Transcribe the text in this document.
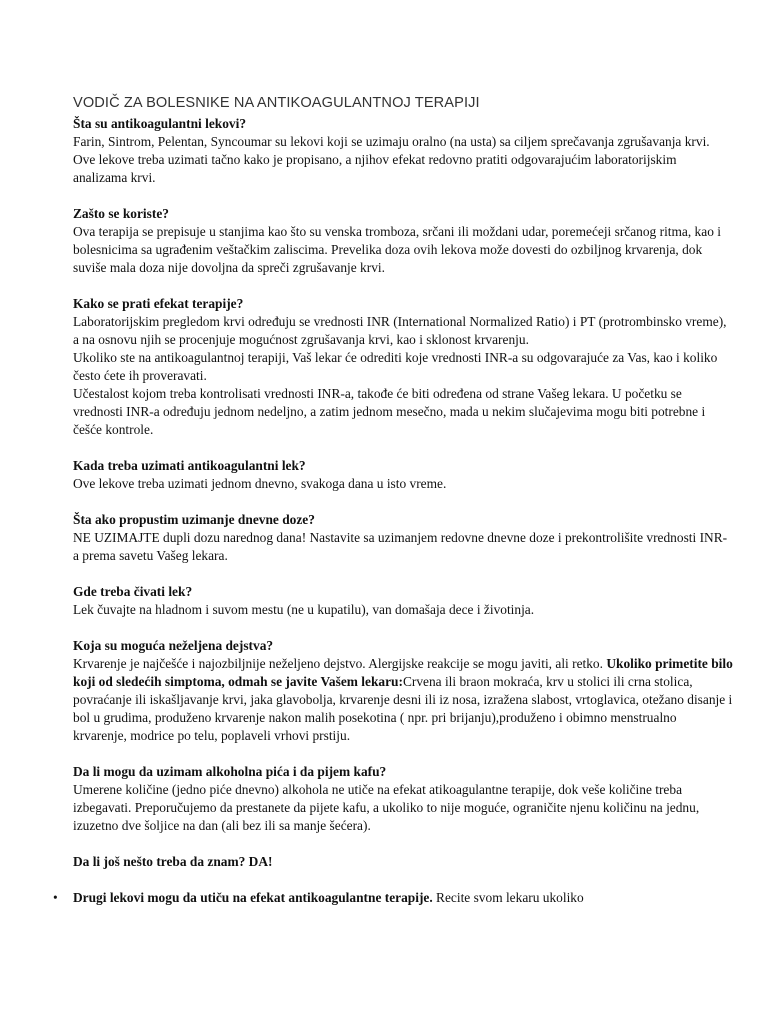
VODIČ ZA BOLESNIKE NA ANTIKOAGULANTNOJ TERAPIJI

Šta su antikoagulantni lekovi?

Farin, Sintrom, Pelentan, Syncoumar su lekovi koji se uzimaju oralno (na usta) sa ciljem sprečavanja zgrušavanja krvi. Ove lekove treba uzimati tačno kako je propisano, a njihov efekat redovno pratiti odgovarajućim laboratorijskim analizama krvi.

Zašto se koriste?

Ova terapija se prepisuje u stanjima kao što su venska tromboza, srčani ili moždani udar, poremećeji srčanog ritma, kao i bolesnicima sa ugrađenim veštačkim zaliscima. Prevelika doza ovih lekova može dovesti do ozbiljnog krvarenja, dok suviše mala doza nije dovoljna da spreči zgrušavanje krvi.

Kako se prati efekat terapije?

Laboratorijskim pregledom krvi određuju se vrednosti INR (International Normalized Ratio) i PT (protrombinsko vreme), a na osnovu njih se procenjuje mogućnost zgrušavanja krvi, kao i sklonost krvarenju.

Ukoliko ste na antikoagulantnoj terapiji, Vaš lekar će odrediti koje vrednosti INR-a su odgovarajuće za Vas, kao i koliko često ćete ih proveravati.

Učestalost kojom treba kontrolisati vrednosti INR-a, takođe će biti određena od strane Vašeg lekara. U početku se vrednosti INR-a određuju jednom nedeljno, a zatim jednom mesečno, mada u nekim slučajevima mogu biti potrebne i češće kontrole.

Kada treba uzimati antikoagulantni lek?

Ove lekove treba uzimati jednom dnevno, svakoga dana u isto vreme.

Šta ako propustim uzimanje dnevne doze?

NE UZIMAJTE dupli dozu narednog dana! Nastavite sa uzimanjem redovne dnevne doze i prekontrolišite vrednosti INR-a prema savetu Vašeg lekara.

Gde treba čivati lek?

Lek čuvajte na hladnom i suvom mestu (ne u kupatilu), van domašaja dece i životinja.

Koja su moguća neželjena dejstva?

Krvarenje je najčešće i najozbiljnije neželjeno dejstvo. Alergijske reakcije se mogu javiti, ali retko. Ukoliko primetite bilo koji od sledećih simptoma, odmah se javite Vašem lekaru:Crvena ili braon mokraća, krv u stolici ili crna stolica, povraćanje ili iskašljavanje krvi, jaka glavobolja, krvarenje desni ili iz nosa, izražena slabost, vrtoglavica, otežano disanje i bol u grudima, produženo krvarenje nakon malih posekotina ( npr. pri brijanju),produženo i obimno menstrualno krvarenje, modrice po telu, poplaveli vrhovi prstiju.

Da li mogu da uzimam alkoholna pića i da pijem kafu?

Umerene količine (jedno piće dnevno) alkohola ne utiče na efekat atikoagulantne terapije, dok veše količine treba izbegavati. Preporučujemo da prestanete da pijete kafu, a ukoliko to nije moguće, ograničite njenu količinu na jednu, izuzetno dve šoljice na dan (ali bez ili sa manje šećera).

Da li još nešto treba da znam? DA!

• Drugi lekovi mogu da utiču na efekat antikoagulantne terapije. Recite svom lekaru ukoliko
